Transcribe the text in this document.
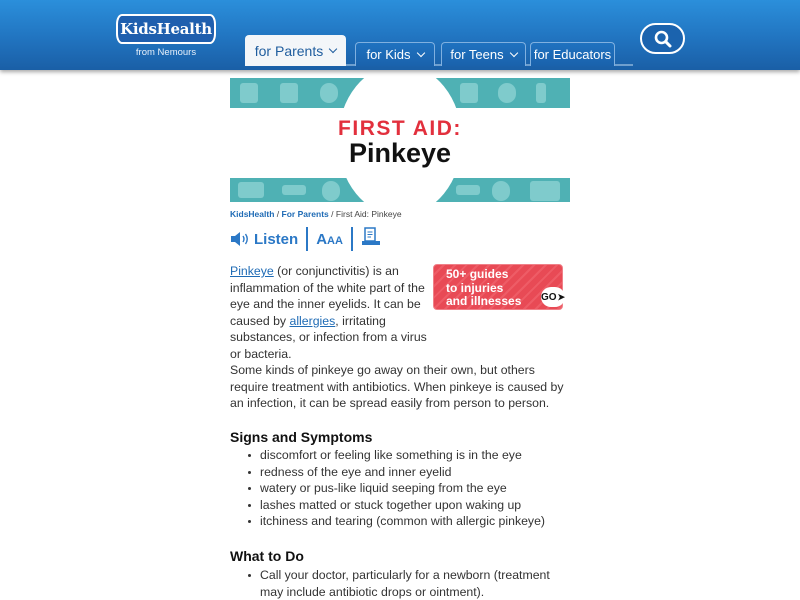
KidsHealth
from Nemours	for Parents	for Kids	for Teens for Educators
FIRST AID:
Pinkeye
KidsHealth / For Parents / First Aid: Pinkeye
Listen AAA
50+ guides
to injuries
and illnesses GO ➤

Pinkeye (or conjunctivitis) is an inflammation of the white part of the eye and the inner eyelids. It can be caused by allergies, irritating substances, or infection from a virus or bacteria.

Some kinds of pinkeye go away on their own, but others require treatment with antibiotics. When pinkeye is caused by an infection, it can be spread easily from person to person.

Signs and Symptoms
discomfort or feeling like something is in the eye
redness of the eye and inner eyelid
watery or pus-like liquid seeping from the eye
lashes matted or stuck together upon waking up
itchiness and tearing (common with allergic pinkeye)
What to Do
Call your doctor, particularly for a newborn (treatment may include antibiotic drops or ointment).
